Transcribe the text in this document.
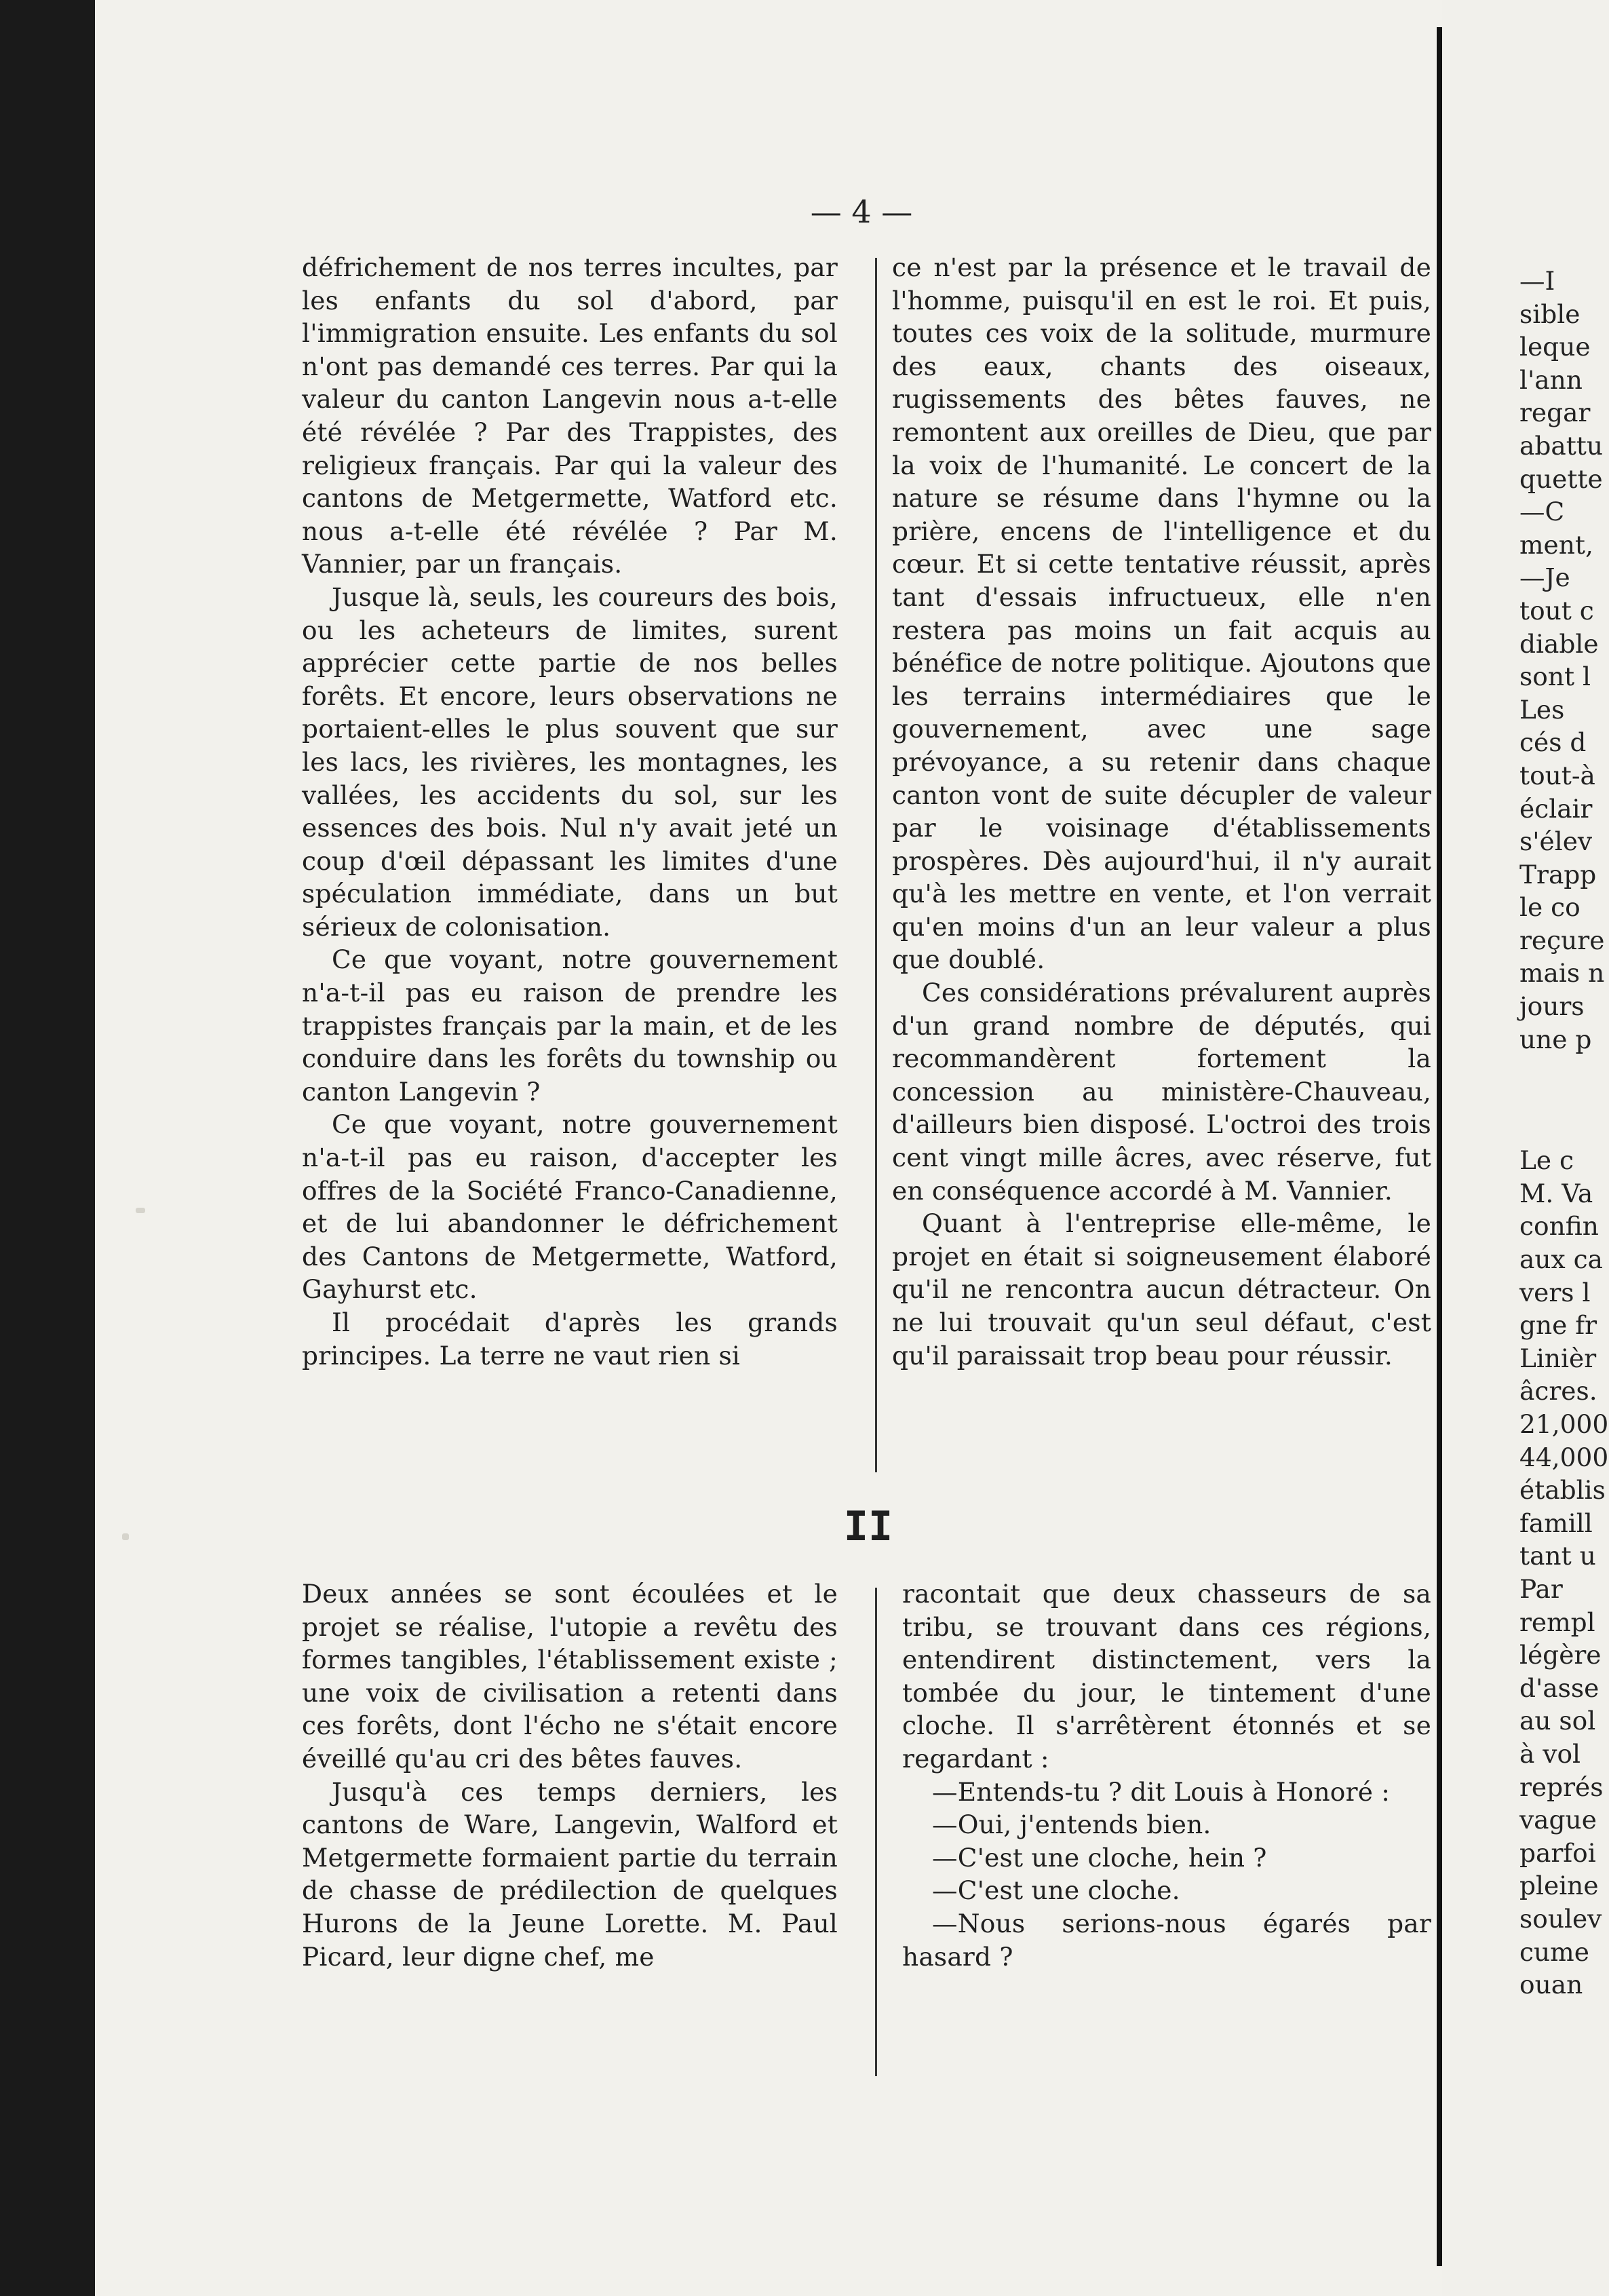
— 4 —

défrichement de nos terres incultes, par les enfants du sol d'abord, par l'immigration ensuite. Les enfants du sol n'ont pas demandé ces terres. Par qui la valeur du canton Langevin nous a-t-elle été révélée ? Par des Trappistes, des religieux français. Par qui la valeur des cantons de Metgermette, Watford etc. nous a-t-elle été révélée ? Par M. Vannier, par un français.

Jusque là, seuls, les coureurs des bois, ou les acheteurs de limites, surent apprécier cette partie de nos belles forêts. Et encore, leurs observations ne portaient-elles le plus souvent que sur les lacs, les rivières, les montagnes, les vallées, les accidents du sol, sur les essences des bois. Nul n'y avait jeté un coup d'œil dépassant les limites d'une spéculation immédiate, dans un but sérieux de colonisation.

Ce que voyant, notre gouvernement n'a-t-il pas eu raison de prendre les trappistes français par la main, et de les conduire dans les forêts du township ou canton Langevin ?

Ce que voyant, notre gouvernement n'a-t-il pas eu raison, d'accepter les offres de la Société Franco-Canadienne, et de lui abandonner le défrichement des Cantons de Metgermette, Watford, Gayhurst etc.

Il procédait d'après les grands principes. La terre ne vaut rien si

ce n'est par la présence et le travail de l'homme, puisqu'il en est le roi. Et puis, toutes ces voix de la solitude, murmure des eaux, chants des oiseaux, rugissements des bêtes fauves, ne remontent aux oreilles de Dieu, que par la voix de l'humanité. Le concert de la nature se résume dans l'hymne ou la prière, encens de l'intelligence et du cœur. Et si cette tentative réussit, après tant d'essais infructueux, elle n'en restera pas moins un fait acquis au bénéfice de notre politique. Ajoutons que les terrains intermédiaires que le gouvernement, avec une sage prévoyance, a su retenir dans chaque canton vont de suite décupler de valeur par le voisinage d'établissements prospères. Dès aujourd'hui, il n'y aurait qu'à les mettre en vente, et l'on verrait qu'en moins d'un an leur valeur a plus que doublé.

Ces considérations prévalurent auprès d'un grand nombre de députés, qui recommandèrent fortement la concession au ministère-Chauveau, d'ailleurs bien disposé. L'octroi des trois cent vingt mille âcres, avec réserve, fut en conséquence accordé à M. Vannier.

Quant à l'entreprise elle-même, le projet en était si soigneusement élaboré qu'il ne rencontra aucun détracteur. On ne lui trouvait qu'un seul défaut, c'est qu'il paraissait trop beau pour réussir.

II

Deux années se sont écoulées et le projet se réalise, l'utopie a revêtu des formes tangibles, l'établissement existe ; une voix de civilisation a retenti dans ces forêts, dont l'écho ne s'était encore éveillé qu'au cri des bêtes fauves.

Jusqu'à ces temps derniers, les cantons de Ware, Langevin, Walford et Metgermette formaient partie du terrain de chasse de prédilection de quelques Hurons de la Jeune Lorette. M. Paul Picard, leur digne chef, me

racontait que deux chasseurs de sa tribu, se trouvant dans ces régions, entendirent distinctement, vers la tombée du jour, le tintement d'une cloche. Il s'arrêtèrent étonnés et se regardant :

—Entends-tu ? dit Louis à Honoré :

—Oui, j'entends bien.

—C'est une cloche, hein ?

—C'est une cloche.

—Nous serions-nous égarés par hasard ?

—I
sible
leque
l'ann
regar
abattu
quette
—C
ment,
—Je
tout c
diable
sont l
Les
cés d
tout-à
éclair
s'élev
Trapp
le co
reçure
mais n
jours
une p
Le c
M. Va
confin
aux ca
vers l
gne fr
Linièr
âcres.
21,000
44,000
établis
famill
tant u
Par
rempl
légère
d'asse
au sol
à vol
représ
vague
parfoi
pleine
soulev
cume
ouan
